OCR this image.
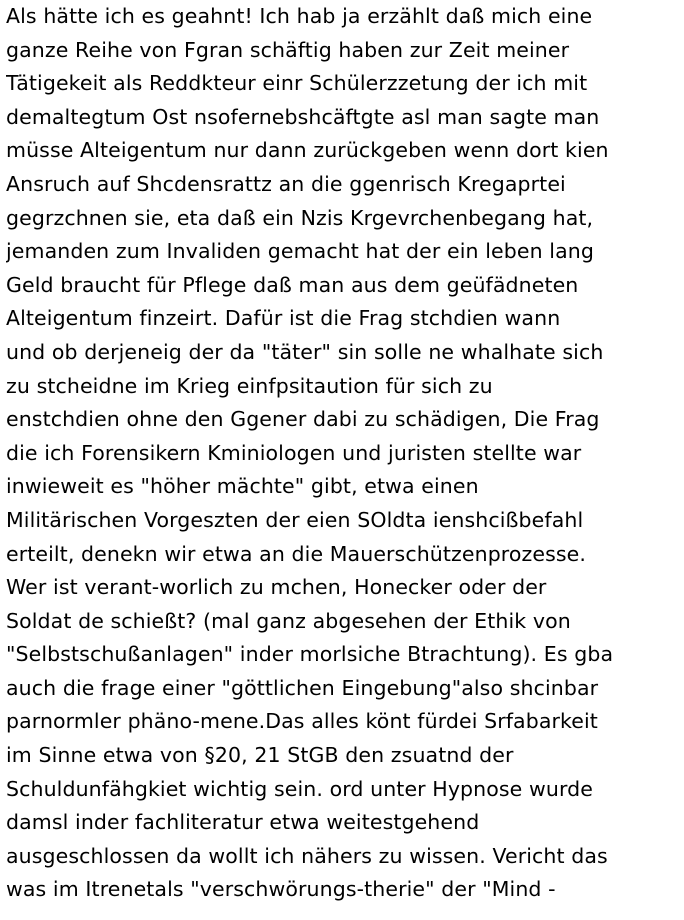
Als hätte ich es geahnt! Ich hab ja erzählt daß mich eine
ganze Reihe von Fgran schäftig haben zur Zeit meiner
Tätigekeit als Reddkteur einr Schülerzzetung der ich mit
demaltegtum Ost nsofernebshcäftgte asl man sagte man
müsse Alteigentum nur dann zurückgeben wenn dort kien
Ansruch auf Shcdensrattz an die ggenrisch Kregaprtei
gegrzchnen sie, eta daß ein Nzis Krgevrchenbegang hat,
jemanden zum Invaliden gemacht hat der ein leben lang
Geld braucht für Pflege daß man aus dem geüfädneten
Alteigentum finzeirt. Dafür ist die Frag stchdien wann
und ob derjeneig der da "täter" sin solle ne whalhate sich
zu stcheidne im Krieg einfpsitaution für sich zu
enstchdien ohne den Ggener dabi zu schädigen, Die Frag
die ich Forensikern Kminiologen und juristen stellte war
inwieweit es "höher mächte" gibt, etwa einen
Militärischen Vorgeszten der eien SOldta ienshcißbefahl
erteilt, denekn wir etwa an die Mauerschützenprozesse.
Wer ist verant-worlich zu mchen, Honecker oder der
Soldat de schießt? (mal ganz abgesehen der Ethik von
"Selbstschußanlagen" inder morlsiche Btrachtung). Es gba
auch die frage einer "göttlichen Eingebung"also shcinbar
parnormler phäno-mene.Das alles könt fürdei Srfabarkeit
im Sinne etwa von §20, 21 StGB den zsuatnd der
Schuldunfähgkiet wichtig sein. ord unter Hypnose wurde
damsl inder fachliteratur etwa weitestgehend
ausgeschlossen da wollt ich nähers zu wissen. Vericht das
was im Itrenetals "verschwörungs-therie" der "Mind -
